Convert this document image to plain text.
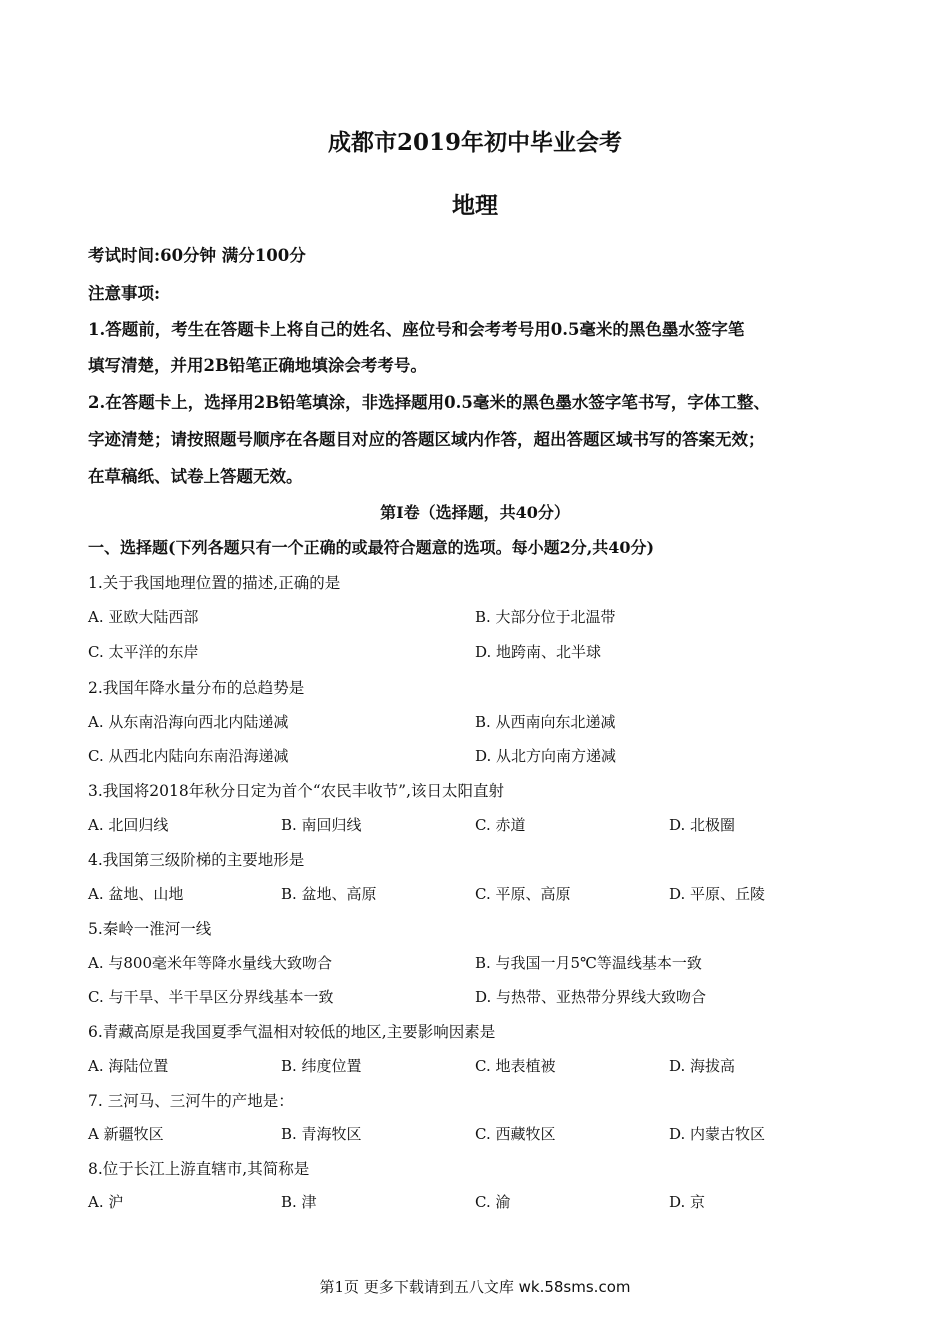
成都市2019年初中毕业会考
地理
考试时间:60分钟 满分100分
注意事项:
1.答题前，考生在答题卡上将自己的姓名、座位号和会考考号用0.5毫米的黑色墨水签字笔
填写清楚，并用2B铅笔正确地填涂会考考号。
2.在答题卡上，选择用2B铅笔填涂，非选择题用0.5毫米的黑色墨水签字笔书写，字体工整、
字迹清楚；请按照题号顺序在各题目对应的答题区域内作答，超出答题区域书写的答案无效；
在草稿纸、试卷上答题无效。
第Ⅰ卷（选择题，共40分）
一、选择题(下列各题只有一个正确的或最符合题意的选项。每小题2分,共40分)
1.关于我国地理位置的描述,正确的是
A. 亚欧大陆西部	B. 大部分位于北温带
C. 太平洋的东岸	D. 地跨南、北半球
2.我国年降水量分布的总趋势是
A. 从东南沿海向西北内陆递减	B. 从西南向东北递减
C. 从西北内陆向东南沿海递减	D. 从北方向南方递减
3.我国将2018年秋分日定为首个“农民丰收节”,该日太阳直射
A. 北回归线	B. 南回归线	C. 赤道	D. 北极圈
4.我国第三级阶梯的主要地形是
A. 盆地、山地	B. 盆地、高原	C. 平原、高原	D. 平原、丘陵
5.秦岭一淮河一线
A. 与800毫米年等降水量线大致吻合	B. 与我国一月5℃等温线基本一致
C. 与干旱、半干旱区分界线基本一致	D. 与热带、亚热带分界线大致吻合
6.青藏高原是我国夏季气温相对较低的地区,主要影响因素是
A. 海陆位置	B. 纬度位置	C. 地表植被	D. 海拔高
7. 三河马、三河牛的产地是：
A 新疆牧区	B. 青海牧区	C. 西藏牧区	D. 内蒙古牧区
8.位于长江上游直辖市,其简称是
A. 沪	B. 津	C. 渝	D. 京
第1页 更多下载请到五八文库 wk.58sms.com
